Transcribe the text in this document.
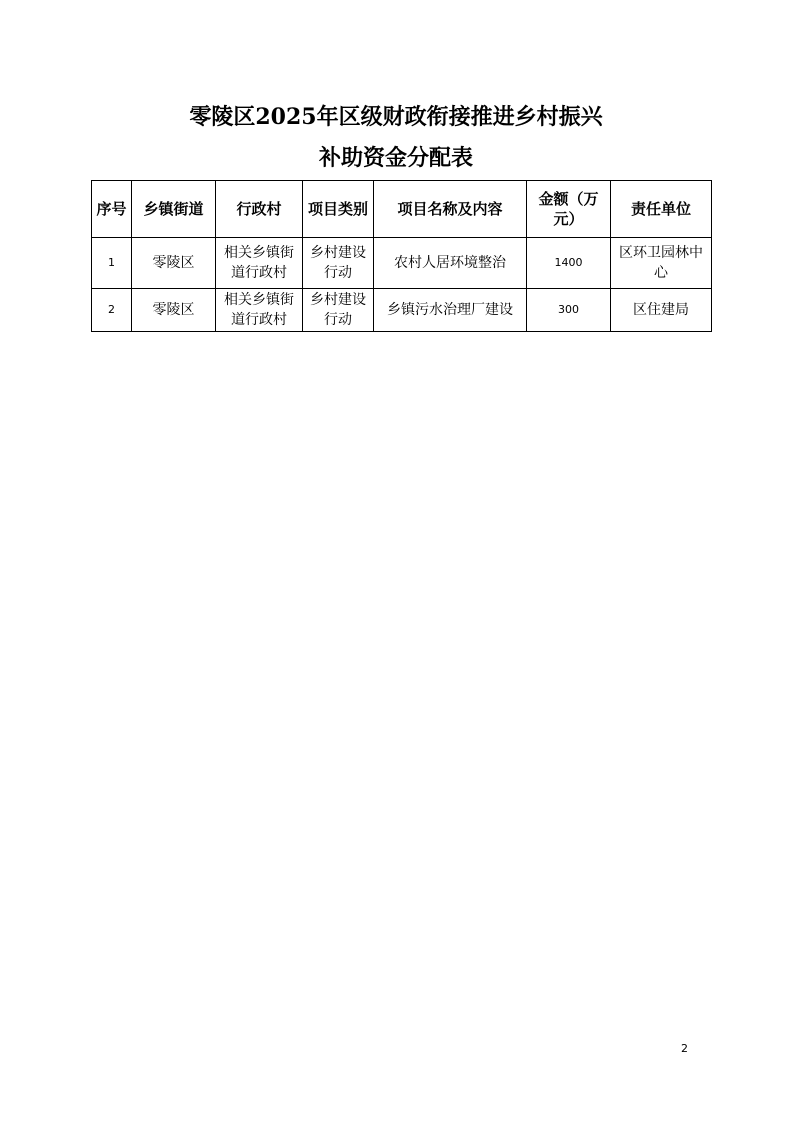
零陵区2025年区级财政衔接推进乡村振兴
补助资金分配表
序号	乡镇街道	行政村	项目类别	项目名称及内容	金额（万元）	责任单位
1	零陵区	相关乡镇街道行政村	乡村建设行动	农村人居环境整治	1400	区环卫园林中心
2	零陵区	相关乡镇街道行政村	乡村建设行动	乡镇污水治理厂建设	300	区住建局
2
